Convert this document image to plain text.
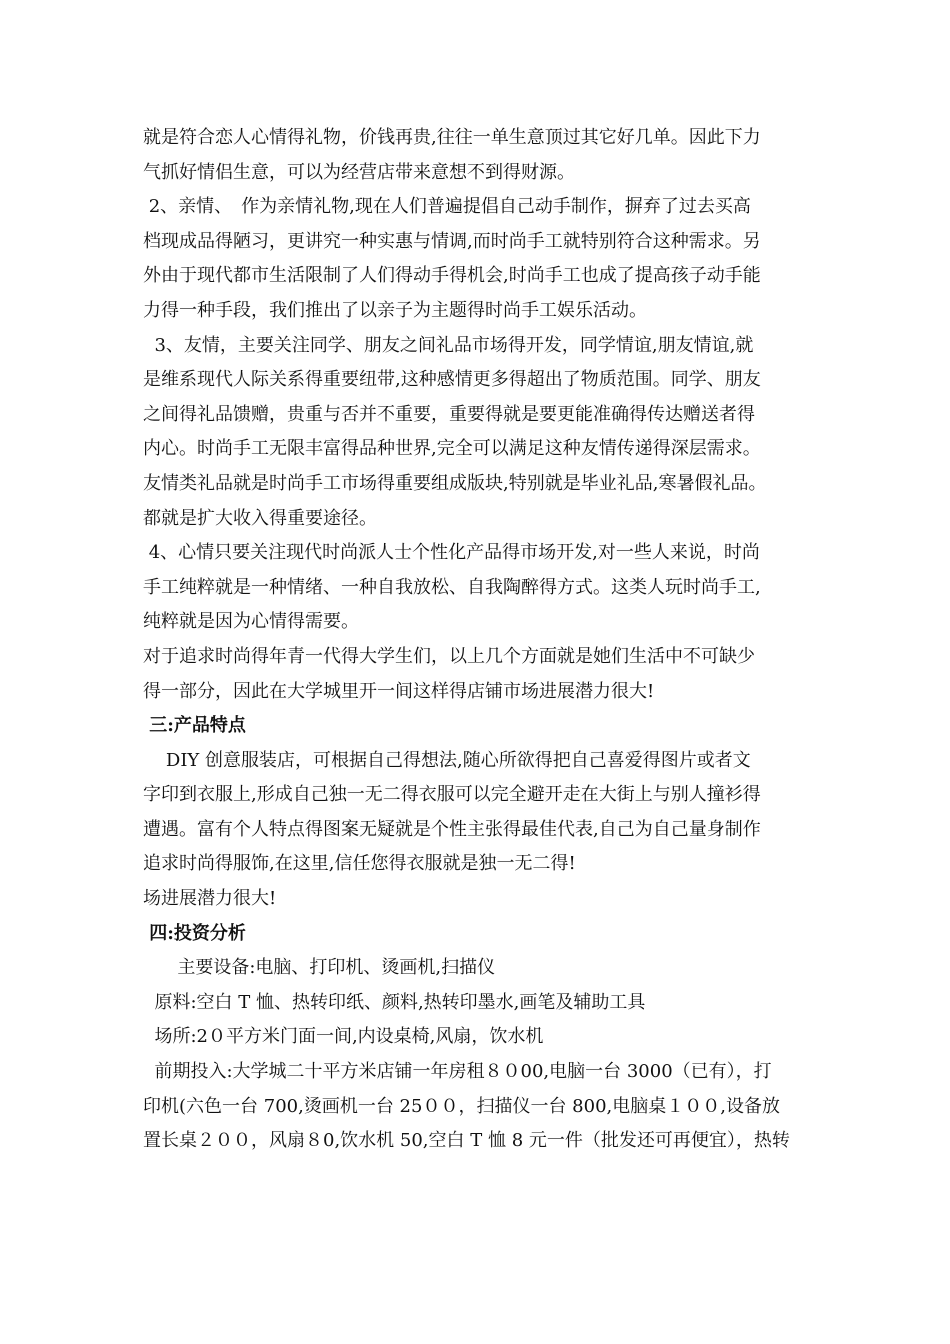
就是符合恋人心情得礼物，价钱再贵,往往一单生意顶过其它好几单。因此下力
气抓好情侣生意，可以为经营店带来意想不到得财源。
2、亲情、　作为亲情礼物,现在人们普遍提倡自己动手制作，摒弃了过去买高
档现成品得陋习，更讲究一种实惠与情调,而时尚手工就特别符合这种需求。另
外由于现代都市生活限制了人们得动手得机会,时尚手工也成了提高孩子动手能
力得一种手段，我们推出了以亲子为主题得时尚手工娱乐活动。
3、友情，主要关注同学、朋友之间礼品市场得开发，同学情谊,朋友情谊,就
是维系现代人际关系得重要纽带,这种感情更多得超出了物质范围。同学、朋友
之间得礼品馈赠，贵重与否并不重要，重要得就是要更能准确得传达赠送者得
内心。时尚手工无限丰富得品种世界,完全可以满足这种友情传递得深层需求。
友情类礼品就是时尚手工市场得重要组成版块,特别就是毕业礼品,寒暑假礼品。
都就是扩大收入得重要途径。
4、心情只要关注现代时尚派人士个性化产品得市场开发,对一些人来说，时尚
手工纯粹就是一种情绪、一种自我放松、自我陶醉得方式。这类人玩时尚手工,
纯粹就是因为心情得需要。
对于追求时尚得年青一代得大学生们，以上几个方面就是她们生活中不可缺少
得一部分，因此在大学城里开一间这样得店铺市场进展潜力很大!
三:产品特点
DIY 创意服装店，可根据自己得想法,随心所欲得把自己喜爱得图片或者文
字印到衣服上,形成自己独一无二得衣服可以完全避开走在大街上与别人撞衫得
遭遇。富有个人特点得图案无疑就是个性主张得最佳代表,自己为自己量身制作
追求时尚得服饰,在这里,信任您得衣服就是独一无二得!
场进展潜力很大!
四:投资分析
主要设备:电脑、打印机、烫画机,扫描仪
原料:空白 T 恤、热转印纸、颜料,热转印墨水,画笔及辅助工具
场所:2０平方米门面一间,内设桌椅,风扇，饮水机
前期投入:大学城二十平方米店铺一年房租８０00,电脑一台 3000（已有），打
印机(六色一台 700,烫画机一台 25００，扫描仪一台 800,电脑桌１００,设备放
置长桌２００，风扇８0,饮水机 50,空白 T 恤 8 元一件（批发还可再便宜），热转
